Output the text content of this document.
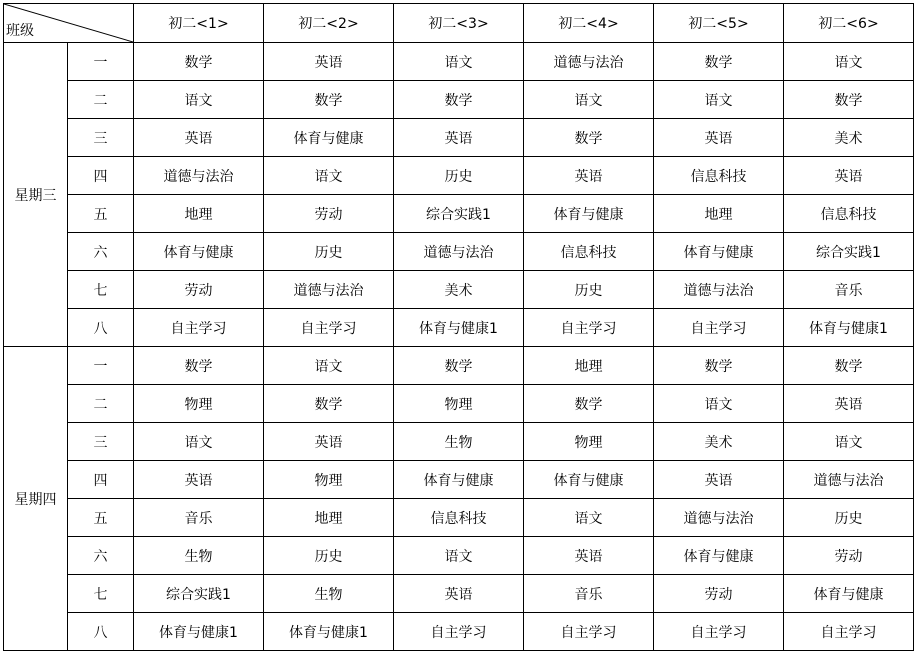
班级		初二<1>	初二<2>	初二<3>	初二<4>	初二<5>	初二<6>
星期三	一	数学	英语	语文	道德与法治	数学	语文
	二	语文	数学	数学	语文	语文	数学
	三	英语	体育与健康	英语	数学	英语	美术
	四	道德与法治	语文	历史	英语	信息科技	英语
	五	地理	劳动	综合实践1	体育与健康	地理	信息科技
	六	体育与健康	历史	道德与法治	信息科技	体育与健康	综合实践1
	七	劳动	道德与法治	美术	历史	道德与法治	音乐
	八	自主学习	自主学习	体育与健康1	自主学习	自主学习	体育与健康1
星期四	一	数学	语文	数学	地理	数学	数学
	二	物理	数学	物理	数学	语文	英语
	三	语文	英语	生物	物理	美术	语文
	四	英语	物理	体育与健康	体育与健康	英语	道德与法治
	五	音乐	地理	信息科技	语文	道德与法治	历史
	六	生物	历史	语文	英语	体育与健康	劳动
	七	综合实践1	生物	英语	音乐	劳动	体育与健康
	八	体育与健康1	体育与健康1	自主学习	自主学习	自主学习	自主学习
